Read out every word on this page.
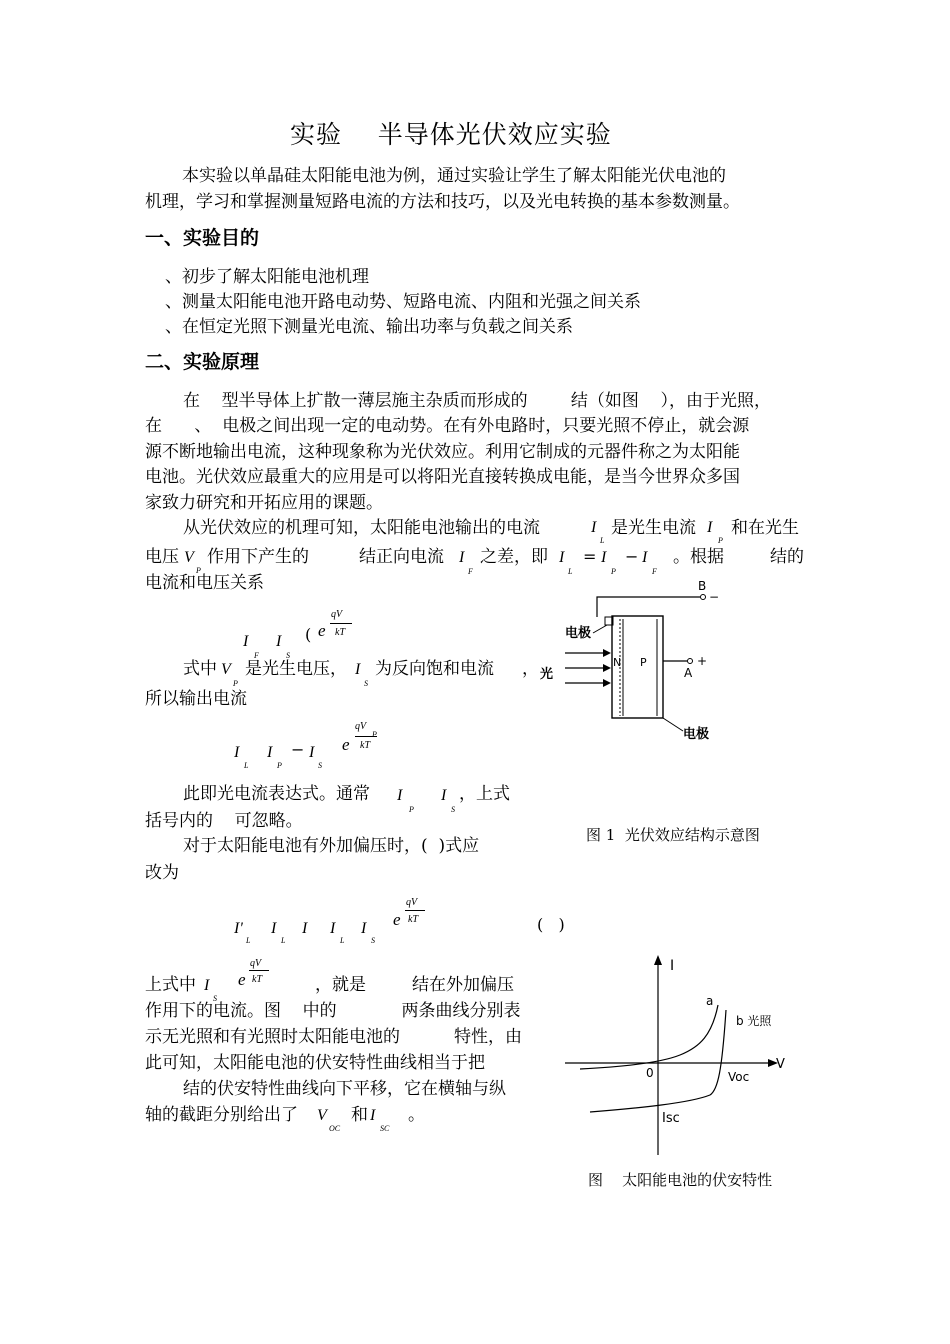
实验    半导体光伏效应实验
本实验以单晶硅太阳能电池为例，通过实验让学生了解太阳能光伏电池的
机理，学习和掌握测量短路电流的方法和技巧，以及光电转换的基本参数测量。
一、实验目的
、初步了解太阳能电池机理
、测量太阳能电池开路电动势、短路电流、内阻和光强之间关系
、在恒定光照下测量光电流、输出功率与负载之间关系
二、实验原理
在    型半导体上扩散一薄层施主杂质而形成的        结（如图    ），由于光照，
在      、  电极之间出现一定的电动势。在有外电路时，只要光照不停止，就会源
源不断地输出电流，这种现象称为光伏效应。利用它制成的元器件称之为太阳能
电池。光伏效应最重大的应用是可以将阳光直接转换成电能，是当今世界众多国
家致力研究和开拓应用的课题。
从光伏效应的机理可知，太阳能电池输出的电流	I
L
是光生电流 I
P
和在光生
电压 V
P
作用下产生的	结正向电流 I
F
之差，即 I
L
= I
P
− I
F
。根据	结的
电流和电压关系
qV
kT
( e
I
F
I
S
式中 V
P
是光生电压， I
S
为反向饱和电流 ，
所以输出电流
qV
P
kT
e
I
L
I
P
− I
S
此即光电流表达式。通常 I
P
I
S
，上式
括号内的    可忽略。
对于太阳能电池有外加偏压时，(  )式应
改为
qV
kT
e
I'
L
I
L
I I
L
I
S
(   )
上式中 I
S
qV
kT
e	，就是	结在外加偏压
作用下的电流。图    中的            两条曲线分别表
示无光照和有光照时太阳能电池的          特性，由
此可知，太阳能电池的伏安特性曲线相当于把
结的伏安特性曲线向下平移，它在横轴与纵
轴的截距分别给出了 V
OC
和 I
SC
。
B
−
N P	+
A
电极
电极
光
图 1  光伏效应结构示意图
I
V
0
a
b 光照
Voc
Isc
图    太阳能电池的伏安特性
